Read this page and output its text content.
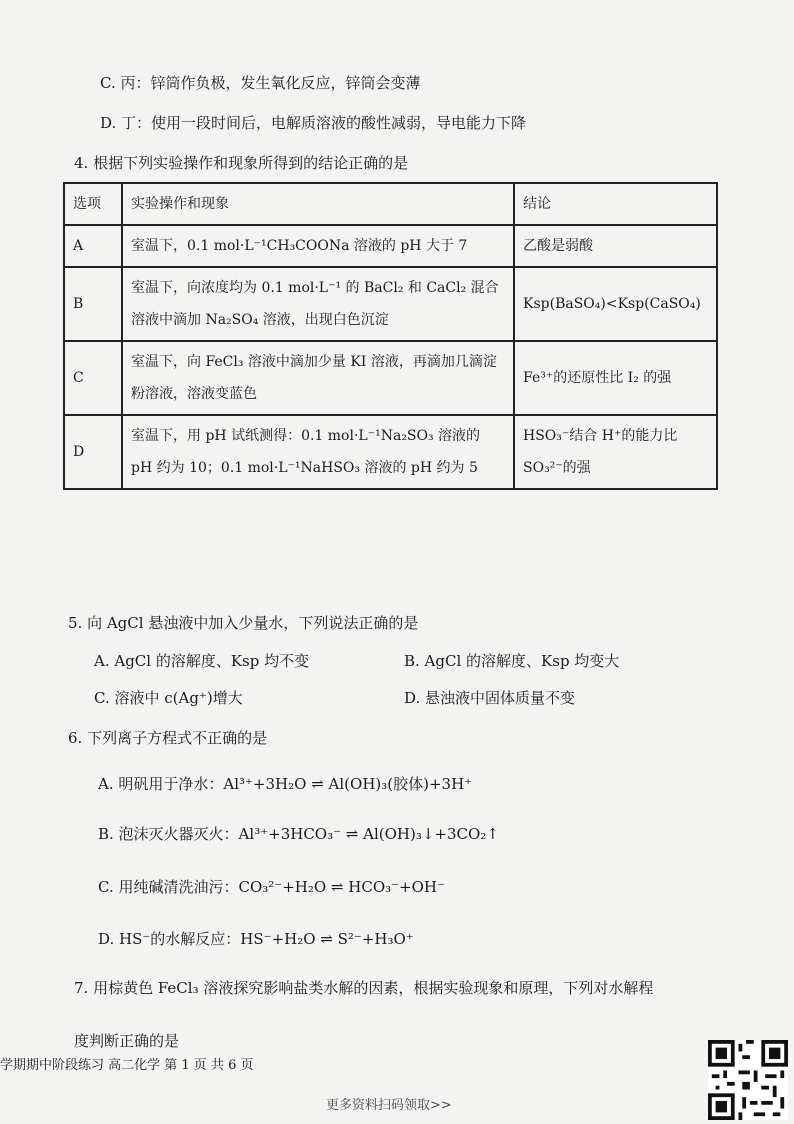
C. 丙：锌筒作负极，发生氧化反应，锌筒会变薄
D. 丁：使用一段时间后，电解质溶液的酸性减弱，导电能力下降
4. 根据下列实验操作和现象所得到的结论正确的是
选项	实验操作和现象	结论
A	室温下，0.1 mol·L⁻¹CH₃COONa 溶液的 pH 大于 7	乙酸是弱酸
B	室温下，向浓度均为 0.1 mol·L⁻¹ 的 BaCl₂ 和 CaCl₂ 混合溶液中滴加 Na₂SO₄ 溶液，出现白色沉淀	Ksp(BaSO₄)<Ksp(CaSO₄)
C	室温下，向 FeCl₃ 溶液中滴加少量 KI 溶液，再滴加几滴淀粉溶液，溶液变蓝色	Fe³⁺的还原性比 I₂ 的强
D	室温下，用 pH 试纸测得：0.1 mol·L⁻¹Na₂SO₃ 溶液的 pH 约为 10；0.1 mol·L⁻¹NaHSO₃ 溶液的 pH 约为 5	HSO₃⁻结合 H⁺的能力比 SO₃²⁻的强
5. 向 AgCl 悬浊液中加入少量水，下列说法正确的是
A. AgCl 的溶解度、Ksp 均不变	B. AgCl 的溶解度、Ksp 均变大
C. 溶液中 c(Ag⁺)增大	D. 悬浊液中固体质量不变
6. 下列离子方程式不正确的是
A. 明矾用于净水：Al³⁺+3H₂O ⇌ Al(OH)₃(胶体)+3H⁺
B. 泡沫灭火器灭火：Al³⁺+3HCO₃⁻ ⇌ Al(OH)₃↓+3CO₂↑
C. 用纯碱清洗油污：CO₃²⁻+H₂O ⇌ HCO₃⁻+OH⁻
D. HS⁻的水解反应：HS⁻+H₂O ⇌ S²⁻+H₃O⁺
7. 用棕黄色 FeCl₃ 溶液探究影响盐类水解的因素，根据实验现象和原理，下列对水解程
度判断正确的是
学期期中阶段练习 高二化学 第 1 页 共 6 页
更多资料扫码领取>>
